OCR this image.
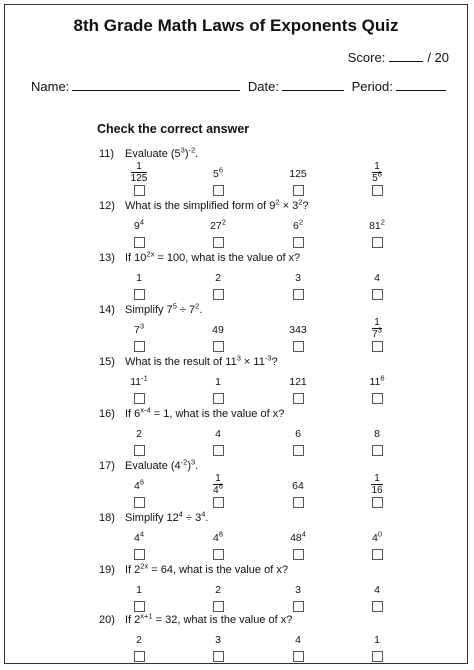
8th Grade Math Laws of Exponents Quiz
Score:	/ 20
Name:	Date:	Period:
Check the correct answer
11) Evaluate $(5^3)^{-2}$.
$\frac{1}{125}$	$5^6$	125	$\frac{1}{5^6}$
12) What is the simplified form of $9^2 \times 3^2$?
$9^4$	$27^2$	$6^2$	$81^2$
13) If $10^{2x} = 100$, what is the value of x?
1	2	3	4
14) Simplify $7^5 \div 7^2$.
$7^3$	49	343	$\frac{1}{7^3}$
15) What is the result of $11^3 \times 11^{-3}$?
$11^{-1}$	1	121	$11^6$
16) If $6^{x-4} = 1$, what is the value of x?
2	4	6	8
17) Evaluate $(4^{-2})^3$.
$4^6$	$\frac{1}{4^6}$	64	$\frac{1}{16}$
18) Simplify $12^4 \div 3^4$.
$4^4$	$4^8$	$48^4$	$4^0$
19) If $2^{2x} = 64$, what is the value of x?
1	2	3	4
20) If $2^{x+1} = 32$, what is the value of x?
2	3	4	1
